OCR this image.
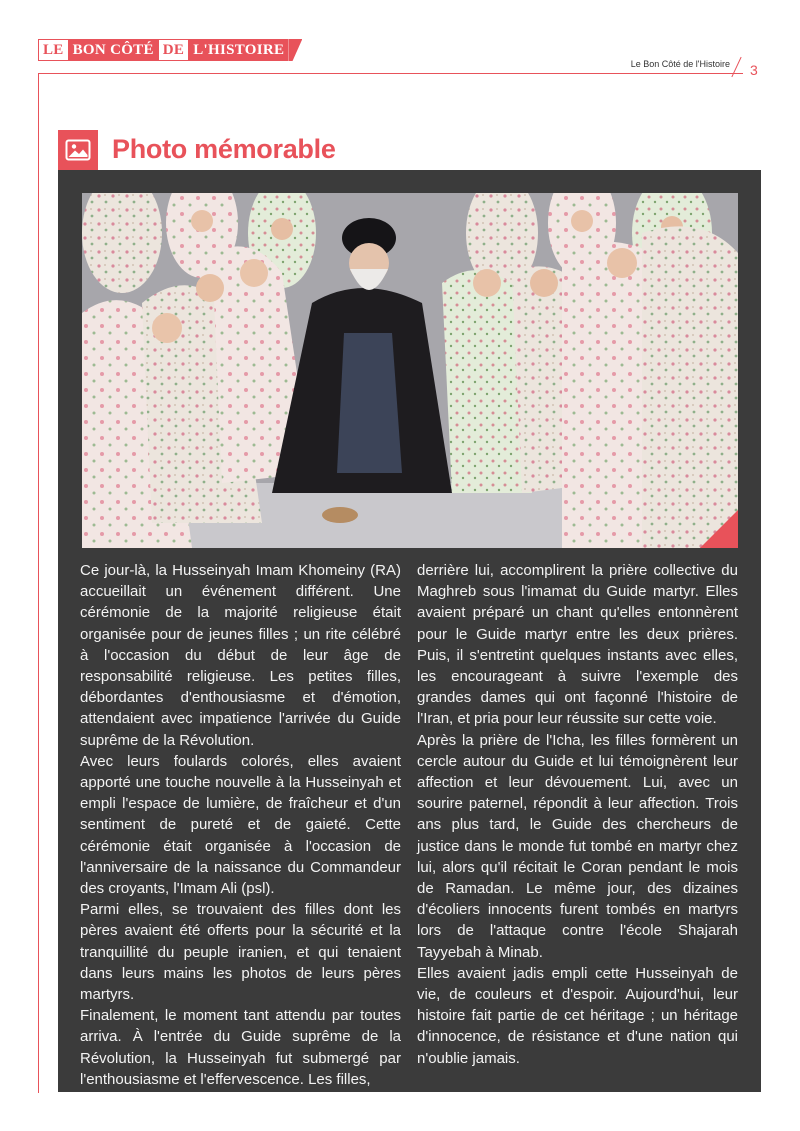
LE BON CÔTÉ DE L'HISTOIRE
Le Bon Côté de l'Histoire 3
Photo mémorable

Ce jour-là, la Husseinyah Imam Khomeiny (RA) accueillait un événement différent. Une cérémonie de la majorité religieuse était organisée pour de jeunes filles ; un rite célébré à l'occasion du début de leur âge de responsabilité religieuse. Les petites filles, débordantes d'enthousiasme et d'émotion, attendaient avec impatience l'arrivée du Guide suprême de la Révolution.

Avec leurs foulards colorés, elles avaient apporté une touche nouvelle à la Husseinyah et empli l'espace de lumière, de fraîcheur et d'un sentiment de pureté et de gaieté. Cette cérémonie était organisée à l'occasion de l'anniversaire de la naissance du Commandeur des croyants, l'Imam Ali (psl).

Parmi elles, se trouvaient des filles dont les pères avaient été offerts pour la sécurité et la tranquillité du peuple iranien, et qui tenaient dans leurs mains les photos de leurs pères martyrs.

Finalement, le moment tant attendu par toutes arriva. À l'entrée du Guide suprême de la Révolution, la Husseinyah fut submergé par l'enthousiasme et l'effervescence. Les filles,

derrière lui, accomplirent la prière collective du Maghreb sous l'imamat du Guide martyr. Elles avaient préparé un chant qu'elles entonnèrent pour le Guide martyr entre les deux prières. Puis, il s'entretint quelques instants avec elles, les encourageant à suivre l'exemple des grandes dames qui ont façonné l'histoire de l'Iran, et pria pour leur réussite sur cette voie.

Après la prière de l'Icha, les filles formèrent un cercle autour du Guide et lui témoignèrent leur affection et leur dévouement. Lui, avec un sourire paternel, répondit à leur affection. Trois ans plus tard, le Guide des chercheurs de justice dans le monde fut tombé en martyr chez lui, alors qu'il récitait le Coran pendant le mois de Ramadan. Le même jour, des dizaines d'écoliers innocents furent tombés en martyrs lors de l'attaque contre l'école Shajarah Tayyebah à Minab.

Elles avaient jadis empli cette Husseinyah de vie, de couleurs et d'espoir. Aujourd'hui, leur histoire fait partie de cet héritage ; un héritage d'innocence, de résistance et d'une nation qui n'oublie jamais.
